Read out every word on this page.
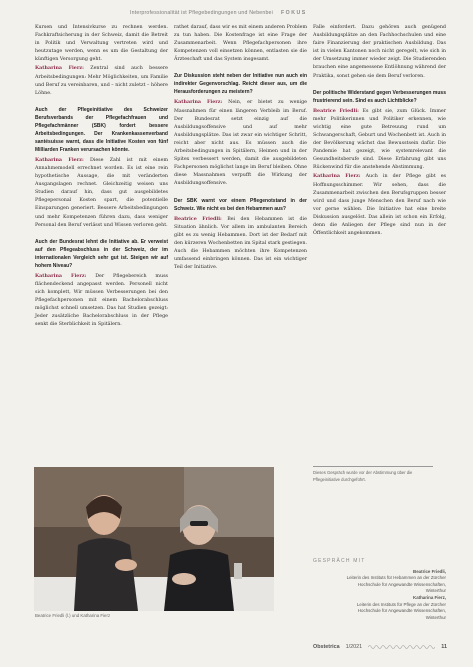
Interprofessionalität ist Pflegebedingungen und Nebenbei FOKUS

Kursen und Intensivkurse zu rechnen werden. Fachkraftsicherung in der Schweiz, damit die Betreit in Politik und Verwaltung vertreten wird und heutzutage werden, wenn es um die Gestaltung der künftigen Versorgung geht.

Katharina Fierz: Zentral sind auch bessere Arbeitsbedingungen: Mehr Möglichkeiten, um Familie und Beruf zu vereinbaren, und – nicht zuletzt – höhere Löhne.

Auch der Pflegeinitiative des Schweizer Berufsverbands der Pflegefachfrauen und Pflegefachmänner (SBK) fordert bessere Arbeitsbedingungen. Der Krankenkassenverband santésuisse warnt, dass die Initiative Kosten von fünf Milliarden Franken verursachen könnte.

Katharina Fierz: Diese Zahl ist mit einem Annahmemodell errechnet worden. Es ist eine rein hypothetische Aussage, die mit veränderten Ausgangslagen rechnet. Gleichzeitig weisen uns Studien darauf hin, dass gut ausgebildetes Pflegepersonal Kosten spart, die potentielle Einsparungen generiert. Bessere Arbeitsbedingungen und mehr Kompetenzen führen dazu, dass weniger Personal den Beruf verlässt und Wissen verloren geht.

Auch der Bundesrat lehnt die Initiative ab. Er verweist auf den Pflegeabschluss in der Schweiz, der im internationalen Vergleich sehr gut ist. Steigen wir auf hohem Niveau?

Katharina Fierz: Der Pflegebereich muss flächendeckend angepasst werden. Personell nicht sich komplett, Wir müssen Verbesserungen bei den Pflegefachpersonen mit einem Bachelorabschluss möglichst schnell umsetzen. Das hat Studien gezeigt: Jeder zusätzliche Bachelorabschluss in der Pflege senkt die Sterblichkeit in Spitälern.

rathet darauf, dass wir es mit einem anderen Problem zu tun haben. Die Kostenfrage ist eine Frage der Zusammenarbeit. Wenn Pflegefachpersonen ihre Kompetenzen voll einsetzen können, entlasten sie die Ärzteschaft und das System insgesamt.

Zur Diskussion steht neben der Initiative nun auch ein indirekter Gegenvorschlag. Reicht dieser aus, um die Herausforderungen zu meistern?

Katharina Fierz: Nein, er bietet zu wenige Massnahmen für einen längeren Verbleib im Beruf. Der Bundesrat setzt einzig auf die Ausbildungsoffensive und auf mehr Ausbildungsplätze. Das ist zwar ein wichtiger Schritt, reicht aber nicht aus. Es müssen auch die Arbeitsbedingungen in Spitälern, Heimen und in der Spitex verbessert werden, damit die ausgebildeten Fachpersonen möglichst lange im Beruf bleiben. Ohne diese Massnahmen verpufft die Wirkung der Ausbildungsoffensive.

Der SBK warnt vor einem Pflegenotstand in der Schweiz. Wie nicht es bei den Hebammen aus?

Beatrice Friedli: Bei den Hebammen ist die Situation ähnlich. Vor allem im ambulanten Bereich gibt es zu wenig Hebammen. Dort ist der Bedarf mit den kürzeren Wochenbetten im Spital stark gestiegen. Auch die Hebammen möchten ihre Kompetenzen umfassend einbringen können. Das ist ein wichtiger Teil der Initiative.

Falle einfordert. Dazu gehören auch genügend Ausbildungsplätze an den Fachhochschulen und eine faire Finanzierung der praktischen Ausbildung. Das ist in vielen Kantonen noch nicht geregelt, wie sich in der Umsetzung immer wieder zeigt. Die Studierenden brauchen eine angemessene Entlöhnung während der Praktika, sonst gehen sie dem Beruf verloren.

Der politische Widerstand gegen Verbesserungen muss frustrierend sein. Sind es auch Lichtblicke?

Beatrice Friedli: Es gibt sie, zum Glück. Immer mehr Politikerinnen und Politiker erkennen, wie wichtig eine gute Betreuung rund um Schwangerschaft, Geburt und Wochenbett ist. Auch in der Bevölkerung wächst das Bewusstsein dafür. Die Pandemie hat gezeigt, wie systemrelevant die Gesundheitsberufe sind. Diese Erfahrung gibt uns Rückenwind für die anstehende Abstimmung.

Katharina Fierz: Auch in der Pflege gibt es Hoffnungsschimmer. Wir sehen, dass die Zusammenarbeit zwischen den Berufsgruppen besser wird und dass junge Menschen den Beruf nach wie vor gerne wählen. Die Initiative hat eine breite Diskussion ausgelöst. Das allein ist schon ein Erfolg, denn die Anliegen der Pflege sind nun in der Öffentlichkeit angekommen.

Beatrice Friedli (l.) und Katharina Fierz
Dieses Gespräch wurde vor der Abstimmung über die Pflegeinitiative durchgeführt.
GESPRÄCH MIT
Beatrice Friedli,
Leiterin des Instituts für Hebammen an der Zürcher
Hochschule für Angewandte Wissenschaften,
Winterthur
Katharina Fierz,
Leiterin des Instituts für Pflege an der Zürcher
Hochschule für Angewandte Wissenschaften,
Winterthur
Obstetrica 1/2021	11
